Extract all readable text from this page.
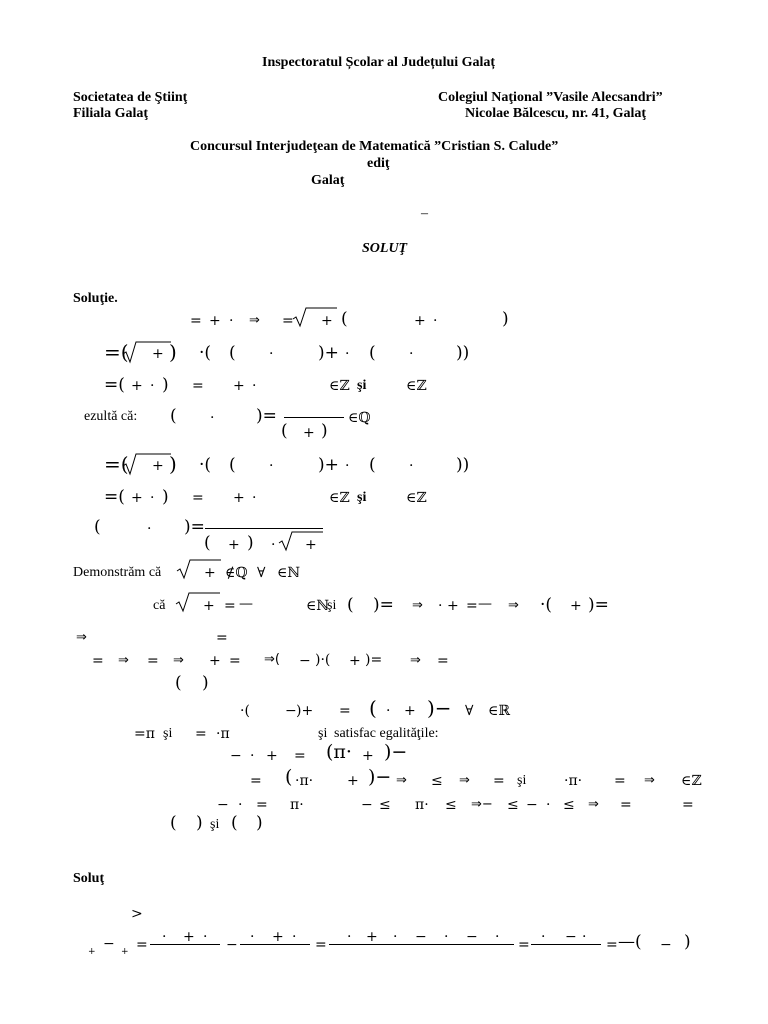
Inspectoratul Școlar al Județului Galaț
Societatea de Ştiinţ
Filiala Galaţ
Colegiul Naţional ”Vasile Alecsandri”
Nicolae Bălcescu, nr. 41, Galaţ
Concursul Interjudeţean de Matematică ”Cristian S. Calude”
ediţ
Galaţ
–
SOLUŢ
Soluţie.
= + · ⇒ = + (	+ ·	)
=( + ) ·( ( ·	)+ · ( ·	))
=( + · ) = + ·	∈ℤ şi	∈ℤ
ezultă că: ( · )=	∈ℚ
( + )
=( + ) ·( ( ·	)+ · ( ·	))
=( + · ) = + ·	∈ℤ şi	∈ℤ
(	· )=
( + ) · +
Demonstrăm că	+ ∉ℚ ∀ ∈ℕ
că	+ = —	∈ℕ
şi ( )= ⇒ · + = — ⇒ ·( + )=
⇒	=
= ⇒ = ⇒ + = ⇒( − )·( + )= ⇒ =
( )
·(	− )+ = ( · + )− ∀ ∈ℝ
=π şi = ·π	şi satisfac egalităţile:
− · + = (π· + )−
= ( ·π· + )− ⇒ ≤ ⇒ = şi	·π· = ⇒ ∈ℤ
− · = π·	− ≤ π· ≤ ⇒− ≤ − · ≤ ⇒ =	=
( ) şi ( )
Soluţ
>
+ − + = · + · − · + · = · + · − · − · = · − · = —( − )
